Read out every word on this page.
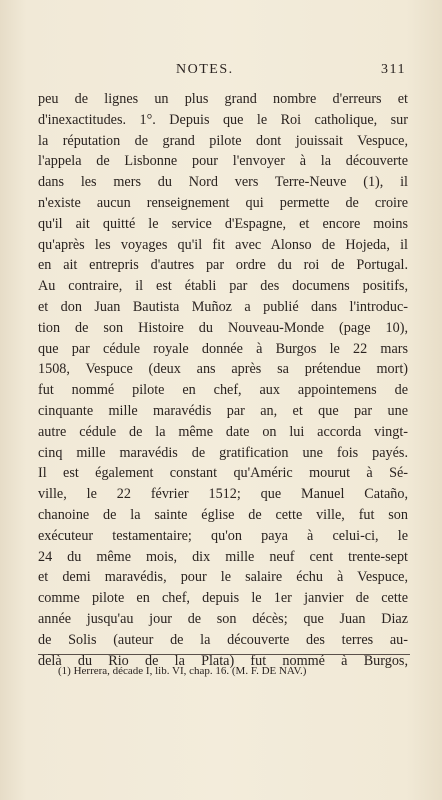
NOTES.	311
peu de lignes un plus grand nombre d'erreurs et
d'inexactitudes. 1°. Depuis que le Roi catholique, sur
la réputation de grand pilote dont jouissait Vespuce,
l'appela de Lisbonne pour l'envoyer à la découverte
dans les mers du Nord vers Terre-Neuve (1), il
n'existe aucun renseignement qui permette de croire
qu'il ait quitté le service d'Espagne, et encore moins
qu'après les voyages qu'il fit avec Alonso de Hojeda, il
en ait entrepris d'autres par ordre du roi de Portugal.
Au contraire, il est établi par des documens positifs,
et don Juan Bautista Muñoz a publié dans l'introduc-
tion de son Histoire du Nouveau-Monde (page 10),
que par cédule royale donnée à Burgos le 22 mars
1508, Vespuce (deux ans après sa prétendue mort)
fut nommé pilote en chef, aux appointemens de
cinquante mille maravédis par an, et que par une
autre cédule de la même date on lui accorda vingt-
cinq mille maravédis de gratification une fois payés.
Il est également constant qu'Améric mourut à Sé-
ville, le 22 février 1512; que Manuel Cataño,
chanoine de la sainte église de cette ville, fut son
exécuteur testamentaire; qu'on paya à celui-ci, le
24 du même mois, dix mille neuf cent trente-sept
et demi maravédis, pour le salaire échu à Vespuce,
comme pilote en chef, depuis le 1er janvier de cette
année jusqu'au jour de son décès; que Juan Diaz
de Solis (auteur de la découverte des terres au-
delà du Rio de la Plata) fut nommé à Burgos,
(1) Herrera, décade I, lib. VI, chap. 16. (M. F. DE NAV.)
